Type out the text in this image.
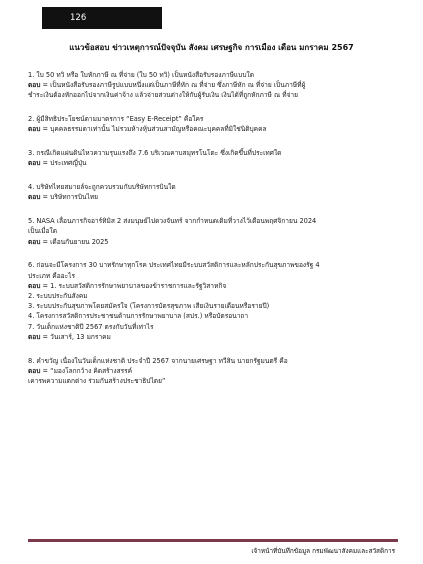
126
แนวข้อสอบ ข่าวเหตุการณ์ปัจจุบัน สังคม เศรษฐกิจ การเมือง เดือน มกราคม 2567

1. ใบ 50 ทวิ หรือ ใบหักภาษี ณ ที่จ่าย (ใบ 50 ทวิ) เป็นหนังสือรับรองภาษีแบบใด

ตอบ = เป็นหนังสือรับรองภาษีรูปแบบหนึ่งแต่เป็นภาษีที่หัก ณ ที่จ่าย ซึ่งภาษีหัก ณ ที่จ่าย เป็นภาษีที่ผู้

ชำระเงินต้องหักออกไปจากเงินค่าจ้าง แล้วจ่ายส่วนต่างให้กับผู้รับเงิน เงินได้ที่ถูกหักภาษี ณ ที่จ่าย

2. ผู้มีสิทธิประโยชน์ตามมาตรการ “Easy E-Receipt” คือใคร

ตอบ = บุคคลธรรมดาเท่านั้น ไม่รวมห้างหุ้นส่วนสามัญหรือคณะบุคคลที่มิใช่นิติบุคคล

3. กรณีเกิดแผ่นดินไหวความรุนแรงถึง 7.6 บริเวณคาบสมุทรโนโตะ ซึ่งเกิดขึ้นที่ประเทศใด

ตอบ = ประเทศญี่ปุ่น

4. บริษัทไทยสมายล์จะถูกควบรวมกับบริษัทการบินใด

ตอบ = บริษัทการบินไทย

5. NASA เลื่อนภารกิจอาร์ทิมิส 2 ส่งมนุษย์ไปดวงจันทร์ จากกำหนดเดิมที่วางไว้เดือนพฤศจิกายน 2024

เป็นเมื่อใด

ตอบ = เดือนกันยายน 2025

6. ก่อนจะมีโครงการ 30 บาทรักษาทุกโรค ประเทศไทยมีระบบสวัสดิการและหลักประกันสุขภาพของรัฐ 4

ประเภท คืออะไร

ตอบ = 1. ระบบสวัสดิการรักษาพยาบาลของข้าราชการและรัฐวิสาหกิจ

2. ระบบประกันสังคม

3. ระบบประกันสุขภาพโดยสมัครใจ (โครงการบัตรสุขภาพ เสียเงินรายเดือนหรือรายปี)

4. โครงการสวัสดิการประชาชนด้านการรักษาพยาบาล (สปร.) หรือบัตรอนาถา

7. วันเด็กแห่งชาติปี 2567 ตรงกับวันที่เท่าไร

ตอบ = วันเสาร์, 13 มกราคม

8. คำขวัญ เนื่องในวันเด็กแห่งชาติ ประจำปี 2567 จากนายเศรษฐา ทวีสิน นายกรัฐมนตรี คือ

ตอบ = “มองโลกกว้าง คิดสร้างสรรค์

เคารพความแตกต่าง ร่วมกันสร้างประชาธิปไตย”

เจ้าหน้าที่บันทึกข้อมูล กรมพัฒนาสังคมและสวัสดิการ
